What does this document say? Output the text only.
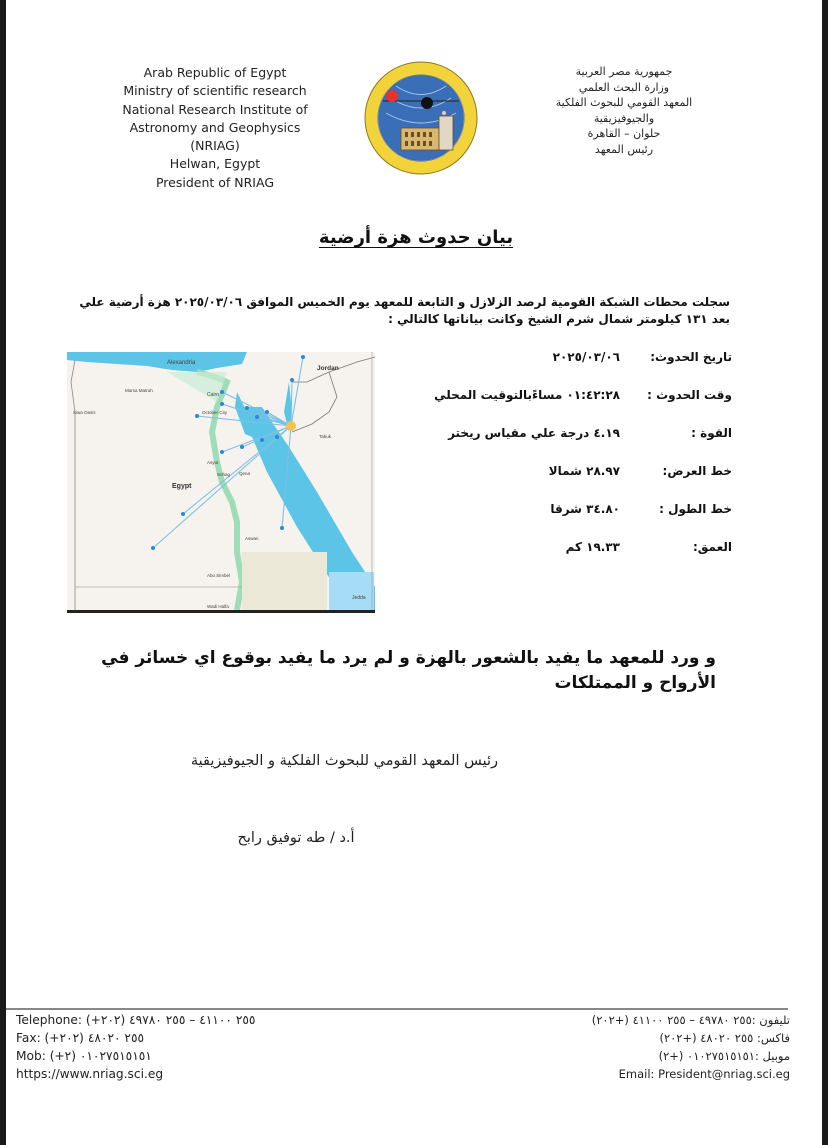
Arab Republic of Egypt
Ministry of scientific research
National Research Institute of
Astronomy and Geophysics
(NRIAG)
Helwan, Egypt
President of NRIAG
جمهورية مصر العربية
وزارة البحث العلمي
المعهد القومي للبحوث الفلكية
والجيوفيزيقية
حلوان – القاهرة
رئيس المعهد
بيان حدوث هزة أرضية
سجلت محطات الشبكة القومية لرصد الزلازل و التابعة للمعهد يوم الخميس الموافق ٢٠٢٥/٠٣/٠٦ هزة أرضية علي
بعد ١٣١ كيلومتر شمال شرم الشيخ وكانت بياناتها كالتالي :
Alexandria
Cairo
Marsa Matruh
Siwa Oasis	October City
Asyut
Sohag Qena
Aswan
Abu Simbel
Wadi Halfa
Tabuk
Jedda
Egypt
Jordan
تاريخ الحدوث:
٢٠٢٥/٠٣/٠٦
وقت الحدوث :
٠١:٤٢:٢٨ مساءًبالتوقيت المحلي
القوة :
٤.١٩ درجة علي مقياس ريختر
خط العرض:
٢٨.٩٧ شمالا
خط الطول :
٣٤.٨٠ شرقا
العمق:
١٩.٣٣ كم
و ورد للمعهد ما يفيد بالشعور بالهزة و لم يرد ما يفيد بوقوع اي خسائر في
الأرواح و الممتلكات
رئيس المعهد القومي للبحوث الفلكية و الجيوفيزيقية
أ.د / طه توفيق رابح
Telephone: (+٢٠٢) ٢٥٥ ٤١١٠٠ – ٢٥٥ ٤٩٧٨٠
Fax: (+٢٠٢) ٢٥٥ ٤٨٠٢٠
Mob: (+٢) ٠١٠٢٧٥١٥١٥١
https://www.nriag.sci.eg
تليفون :٢٥٥ ٤٩٧٨٠ – ٢٥٥ ٤١١٠٠ (+٢٠٢)
فاكس: ٢٥٥ ٤٨٠٢٠ (+٢٠٢)
موبيل :٠١٠٢٧٥١٥١٥١ (+٢)
Email: President@nriag.sci.eg
